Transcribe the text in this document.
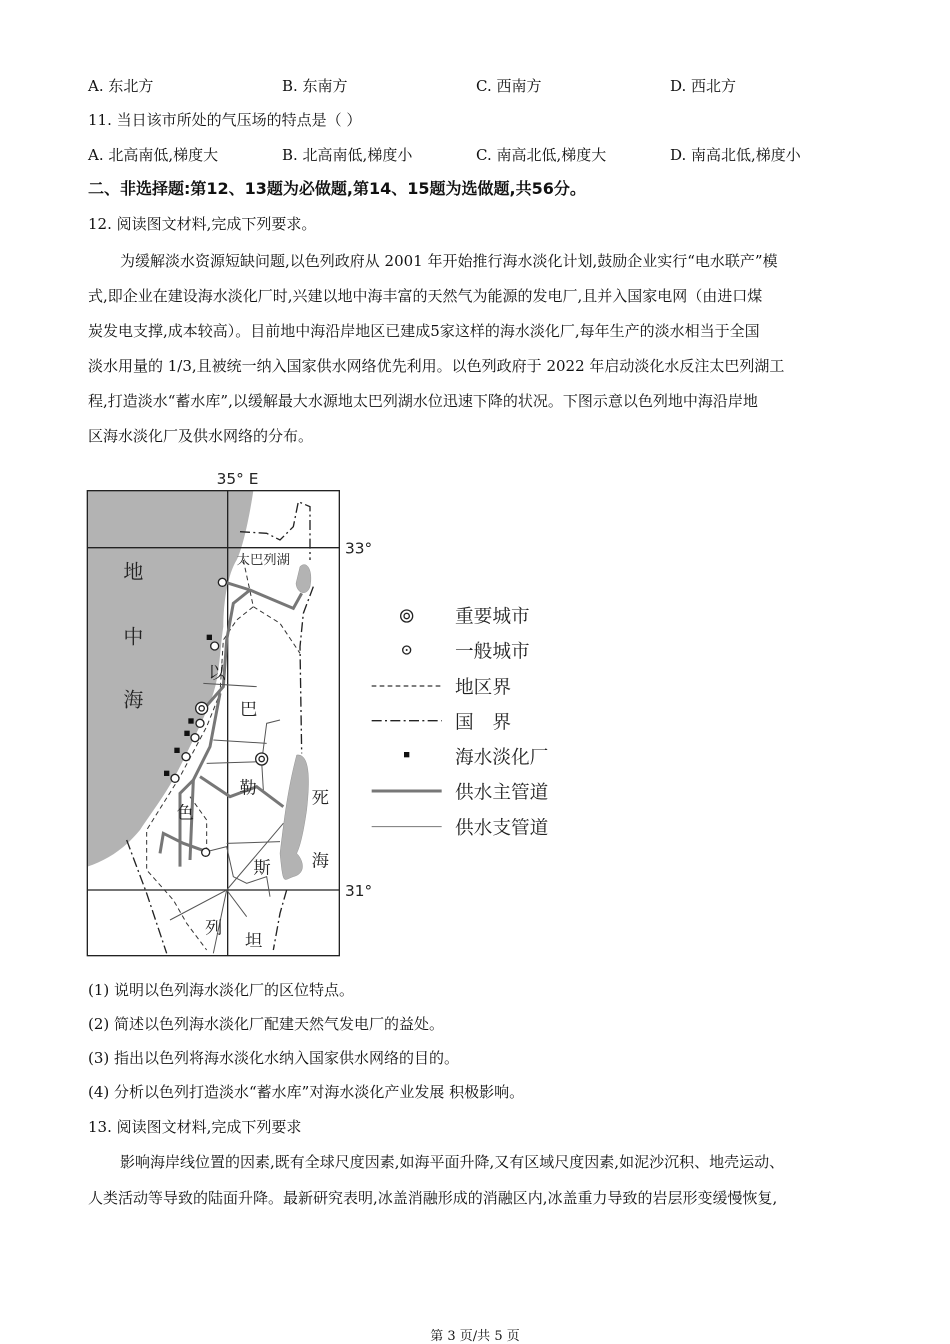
A. 东北方	B. 东南方	C. 西南方	D. 西北方
11. 当日该市所处的气压场的特点是（ ）
A. 北高南低,梯度大	B. 北高南低,梯度小	C. 南高北低,梯度大	D. 南高北低,梯度小
二、非选择题:第12、13题为必做题,第14、15题为选做题,共56分。
12. 阅读图文材料,完成下列要求。
为缓解淡水资源短缺问题,以色列政府从 2001 年开始推行海水淡化计划,鼓励企业实行“电水联产”模
式,即企业在建设海水淡化厂时,兴建以地中海丰富的天然气为能源的发电厂,且并入国家电网（由进口煤
炭发电支撑,成本较高）。目前地中海沿岸地区已建成5家这样的海水淡化厂,每年生产的淡水相当于全国
淡水用量的 1/3,且被统一纳入国家供水网络优先利用。以色列政府于 2022 年启动淡化水反注太巴列湖工
程,打造淡水“蓄水库”,以缓解最大水源地太巴列湖水位迅速下降的状况。下图示意以色列地中海沿岸地
区海水淡化厂及供水网络的分布。
35° E
33°
31°
地
中
海
太巴列湖
死
海
以
色
列
巴
勒
斯
坦
重要城市
一般城市
地区界
国　界
海水淡化厂
供水主管道
供水支管道
(1) 说明以色列海水淡化厂的区位特点。
(2) 简述以色列海水淡化厂配建天然气发电厂的益处。
(3) 指出以色列将海水淡化水纳入国家供水网络的目的。
(4) 分析以色列打造淡水“蓄水库”对海水淡化产业发展 积极影响。
13. 阅读图文材料,完成下列要求
影响海岸线位置的因素,既有全球尺度因素,如海平面升降,又有区域尺度因素,如泥沙沉积、地壳运动、
人类活动等导致的陆面升降。最新研究表明,冰盖消融形成的消融区内,冰盖重力导致的岩层形变缓慢恢复,
第 3 页/共 5 页
